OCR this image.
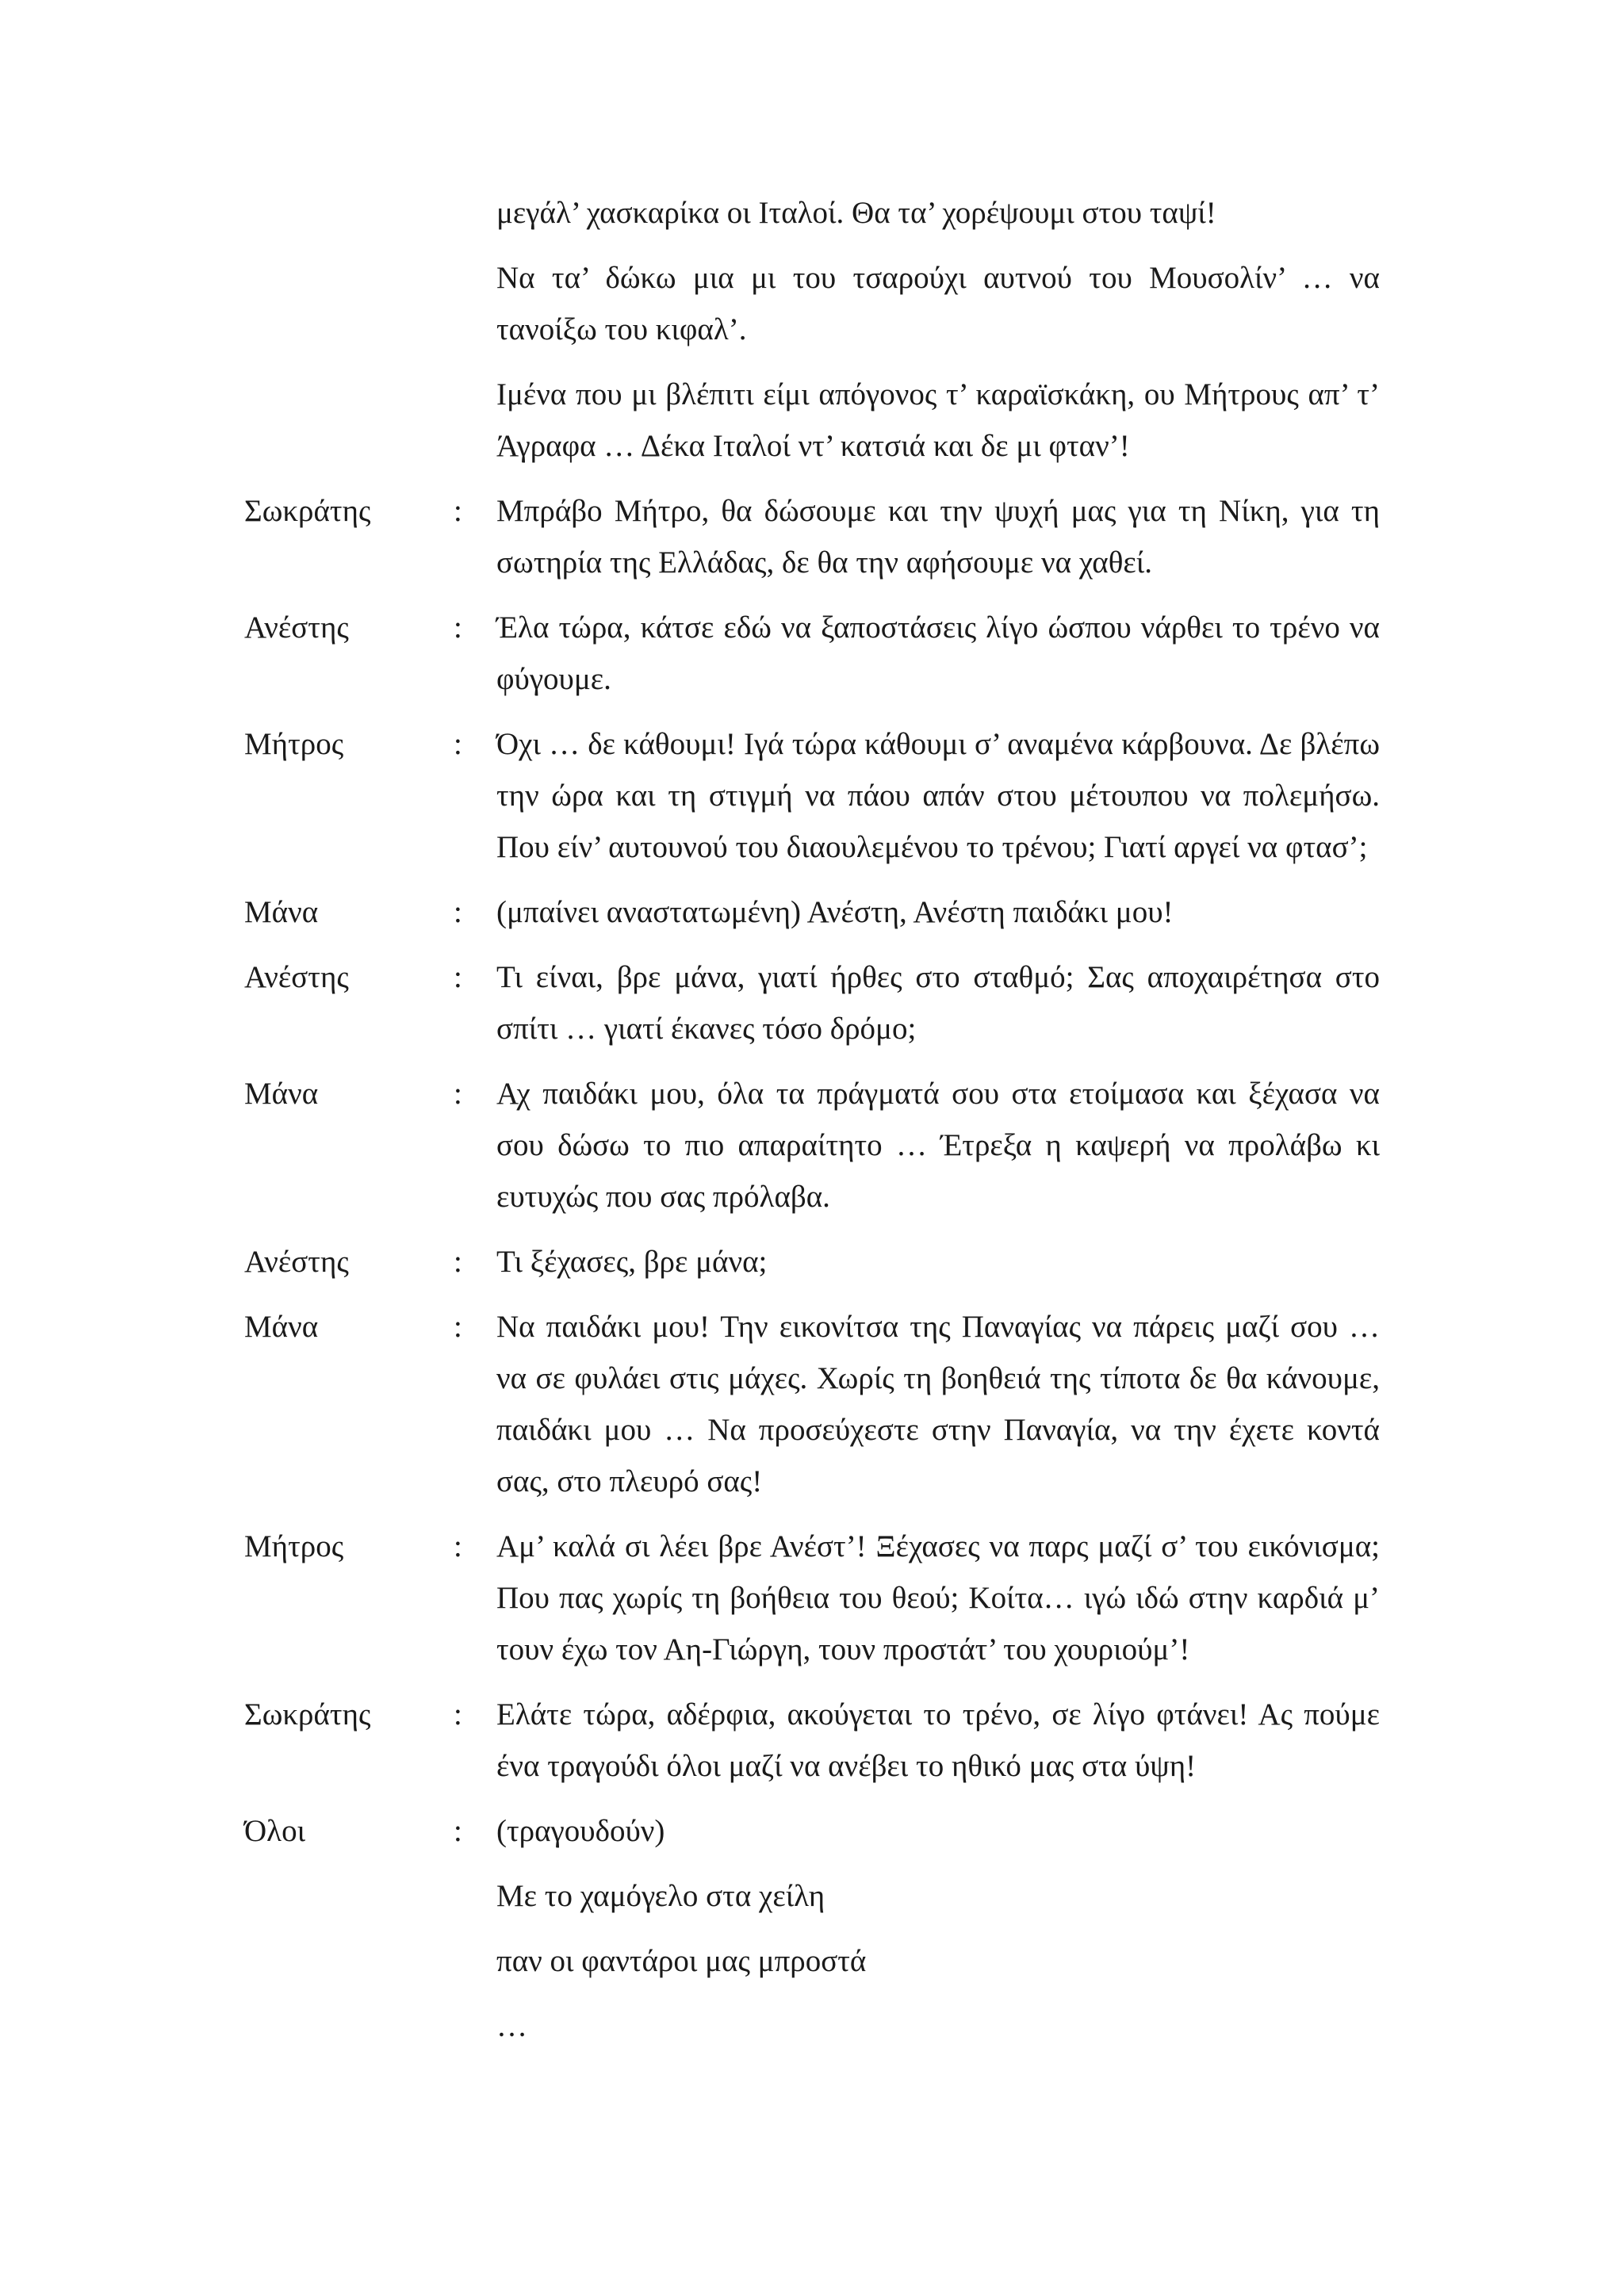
μεγάλ’ χασκαρίκα οι Ιταλοί. Θα τα’ χορέψουμι στου ταψί!

Να τα’ δώκω μια μι του τσαρούχι αυτνού του Μουσολίν’ … να τανοίξω του κιφαλ’.

Ιμένα που μι βλέπιτι είμι απόγονος τ’ καραϊσκάκη, ου Μήτρους απ’ τ’ Άγραφα … Δέκα Ιταλοί ντ’ κατσιά και δε μι φταν’!

Σωκράτης	: Μπράβο Μήτρο, θα δώσουμε και την ψυχή μας για τη Νίκη, για τη σωτηρία της Ελλάδας, δε θα την αφήσουμε να χαθεί.

Ανέστης	: Έλα τώρα, κάτσε εδώ να ξαποστάσεις λίγο ώσπου νάρθει το τρένο να φύγουμε.

Μήτρος	: Όχι … δε κάθουμι! Ιγά τώρα κάθουμι σ’ αναμένα κάρβουνα. Δε βλέπω την ώρα και τη στιγμή να πάου απάν στου μέτουπου να πολεμήσω. Που είν’ αυτουνού του διαουλεμένου το τρένου; Γιατί αργεί να φτασ’;

Μάνα	: (μπαίνει αναστατωμένη) Ανέστη, Ανέστη παιδάκι μου!

Ανέστης	: Τι είναι, βρε μάνα, γιατί ήρθες στο σταθμό; Σας αποχαιρέτησα στο σπίτι … γιατί έκανες τόσο δρόμο;

Μάνα	: Αχ παιδάκι μου, όλα τα πράγματά σου στα ετοίμασα και ξέχασα να σου δώσω το πιο απαραίτητο … Έτρεξα η καψερή να προλάβω κι ευτυχώς που σας πρόλαβα.

Ανέστης	: Τι ξέχασες, βρε μάνα;

Μάνα	: Να παιδάκι μου! Την εικονίτσα της Παναγίας να πάρεις μαζί σου … να σε φυλάει στις μάχες. Χωρίς τη βοηθειά της τίποτα δε θα κάνουμε, παιδάκι μου … Να προσεύχεστε στην Παναγία, να την έχετε κοντά σας, στο πλευρό σας!

Μήτρος	: Αμ’ καλά σι λέει βρε Ανέστ’! Ξέχασες να παρς μαζί σ’ του εικόνισμα; Που πας χωρίς τη βοήθεια του θεού; Κοίτα… ιγώ ιδώ στην καρδιά μ’ τουν έχω τον Αη-Γιώργη, τουν προστάτ’ του χουριούμ’!

Σωκράτης	: Ελάτε τώρα, αδέρφια, ακούγεται το τρένο, σε λίγο φτάνει! Ας πούμε ένα τραγούδι όλοι μαζί να ανέβει το ηθικό μας στα ύψη!

Όλοι	: (τραγουδούν)

Με το χαμόγελο στα χείλη

παν οι φαντάροι μας μπροστά

…
